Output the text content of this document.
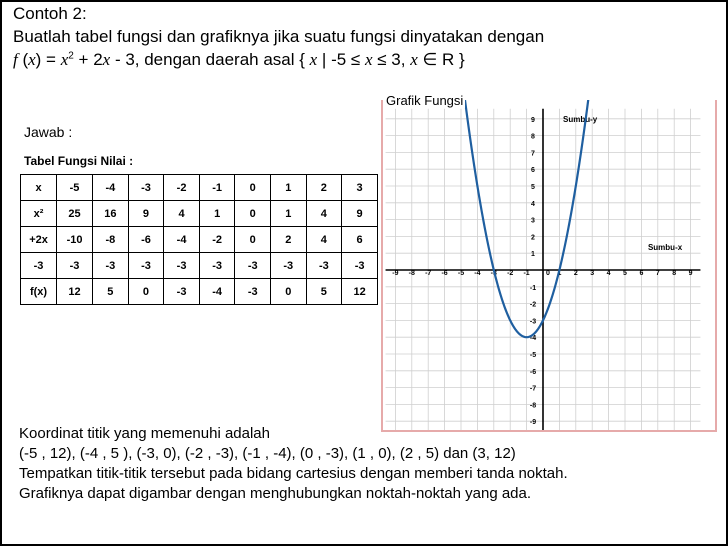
Contoh 2:
Buatlah tabel fungsi dan grafiknya jika suatu fungsi dinyatakan dengan
f $(x) = x^2 + 2x - 3$, dengan daerah asal { x | -5 ≤ x ≤ 3, x ∈ R }
Jawab :
Tabel Fungsi Nilai :
x	-5	-4	-3	-2	-1	0	1	2	3
x²	25	16	9	4	1	0	1	4	9
+2x	-10	-8	-6	-4	-2	0	2	4	6
-3	-3	-3	-3	-3	-3	-3	-3	-3	-3
f(x)	12	5	0	-3	-4	-3	0	5	12
-9 -8 -7 -6 -5 -4 -3 -2 -1 0 1 2 3 4 5 6 7 8 9
9
8
7
6
5
4
3
2
1
-1
-2
-3
-4
-5
-6
-7
-8
-9
Sumbu-y
Sumbu-x
Grafik Fungsi
Koordinat titik yang memenuhi adalah
(-5 , 12), (-4 , 5 ), (-3, 0), (-2 , -3), (-1 , -4), (0 , -3), (1 , 0), (2 , 5) dan (3, 12)
Tempatkan titik-titik tersebut pada bidang cartesius dengan memberi tanda noktah.
Grafiknya dapat digambar dengan menghubungkan noktah-noktah yang ada.
